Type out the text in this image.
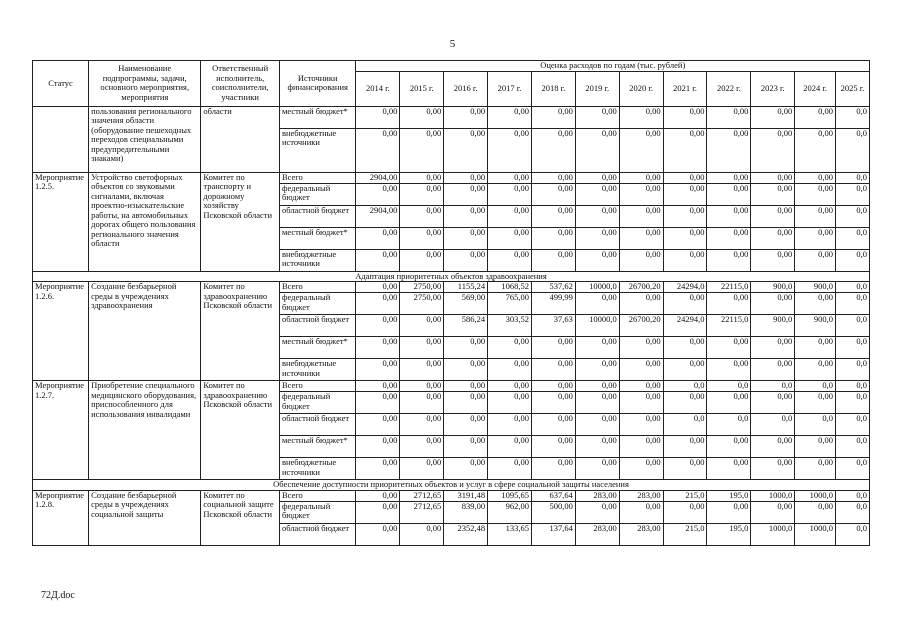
5
Статус	Наименование подпрограммы, задачи, основного мероприятия, мероприятия	Ответственный исполнитель, соисполнители, участники	Источники финансирования	Оценка расходов по годам (тыс. рублей)											
				2014 г.	2015 г.	2016 г.	2017 г.	2018 г.	2019 г.	2020 г.	2021 г.	2022 г.	2023 г.	2024 г.	2025 г.
	пользования регионального значения области (оборудование пешеходных переходов специальными предупредительными знаками)	области	местный бюджет*	0,00	0,00	0,00	0,00	0,00	0,00	0,00	0,00	0,00	0,00	0,00	0,0
			внебюджетные источники	0,00	0,00	0,00	0,00	0,00	0,00	0,00	0,00	0,00	0,00	0,00	0,0
Мероприятие 1.2.5.	Устройство светофорных объектов со звуковыми сигналами, включая проектно-изыскательские работы, на автомобильных дорогах общего пользования регионального значения области	Комитет по транспорту и дорожному хозяйству Псковской области	Всего	2904,00	0,00	0,00	0,00	0,00	0,00	0,00	0,00	0,00	0,00	0,00	0,0
			федеральный бюджет	0,00	0,00	0,00	0,00	0,00	0,00	0,00	0,00	0,00	0,00	0,00	0,0
			областной бюджет	2904,00	0,00	0,00	0,00	0,00	0,00	0,00	0,00	0,00	0,00	0,00	0,0
			местный бюджет*	0,00	0,00	0,00	0,00	0,00	0,00	0,00	0,00	0,00	0,00	0,00	0,0
			внебюджетные источники	0,00	0,00	0,00	0,00	0,00	0,00	0,00	0,00	0,00	0,00	0,00	0,0
Адаптация приоритетных объектов здравоохранения															
Мероприятие 1.2.6.	Создание безбарьерной среды в учреждениях здравоохранения	Комитет по здравоохранению Псковской области	Всего	0,00	2750,00	1155,24	1068,52	537,62	10000,0	26700,20	24294,0	22115,0	900,0	900,0	0,0
			федеральный бюджет	0,00	2750,00	569,00	765,00	499,99	0,00	0,00	0,00	0,00	0,00	0,00	0,0
			областной бюджет	0,00	0,00	586,24	303,52	37,63	10000,0	26700,20	24294,0	22115,0	900,0	900,0	0,0
			местный бюджет*	0,00	0,00	0,00	0,00	0,00	0,00	0,00	0,00	0,00	0,00	0,00	0,0
			внебюджетные источники	0,00	0,00	0,00	0,00	0,00	0,00	0,00	0,00	0,00	0,00	0,00	0,0
Мероприятие 1.2.7.	Приобретение специального медицинского оборудования, приспособленного для использования инвалидами	Комитет по здравоохранению Псковской области	Всего	0,00	0,00	0,00	0,00	0,00	0,00	0,00	0,0	0,0	0,0	0,0	0,0
			федеральный бюджет	0,00	0,00	0,00	0,00	0,00	0,00	0,00	0,00	0,00	0,00	0,00	0,0
			областной бюджет	0,00	0,00	0,00	0,00	0,00	0,00	0,00	0,0	0,0	0,0	0,0	0,0
			местный бюджет*	0,00	0,00	0,00	0,00	0,00	0,00	0,00	0,00	0,00	0,00	0,00	0,0
			внебюджетные источники	0,00	0,00	0,00	0,00	0,00	0,00	0,00	0,00	0,00	0,00	0,00	0,0
Обеспечение доступности приоритетных объектов и услуг в сфере социальной защиты населения															
Мероприятие 1.2.8.	Создание безбарьерной среды в учреждениях социальной защиты	Комитет по социальной защите Псковской области	Всего	0,00	2712,65	3191,48	1095,65	637,64	283,00	283,00	215,0	195,0	1000,0	1000,0	0,0
			федеральный бюджет	0,00	2712,65	839,00	962,00	500,00	0,00	0,00	0,00	0,00	0,00	0,00	0,0
			областной бюджет	0,00	0,00	2352,48	133,65	137,64	283,00	283,00	215,0	195,0	1000,0	1000,0	0,0
72Д.doc
